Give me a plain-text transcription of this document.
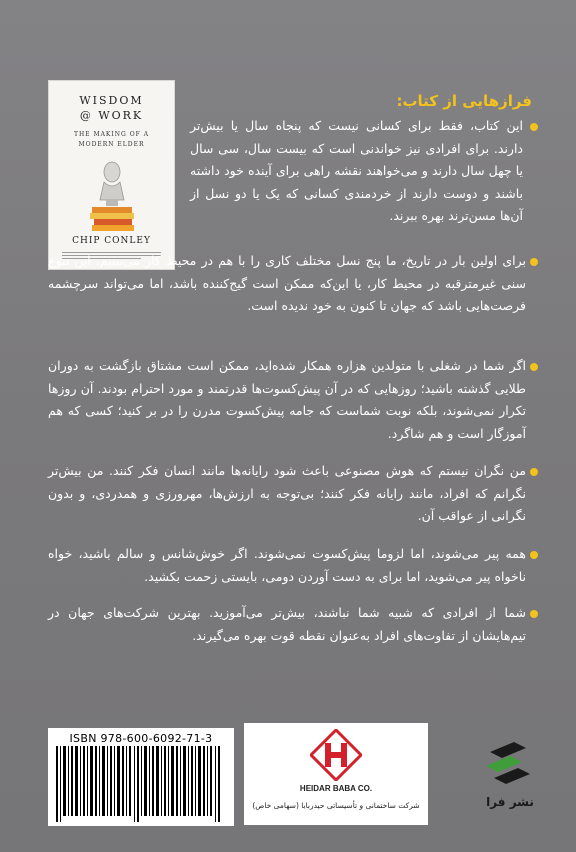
WISDOM
@ WORK
THE MAKING OF A
MODERN ELDER
CHIP CONLEY
فرازهایی از کتاب:

این کتاب، فقط برای کسانی نیست که پنجاه سال یا بیش‌تر دارند. برای افرادی نیز خواندنی است که بیست سال، سی سال یا چهل سال دارند و می‌خواهند نقشه راهی برای آینده خود داشته باشند و دوست دارند از خردمندی کسانی که یک یا دو نسل از آن‌ها مسن‌ترند بهره ببرند.

برای اولین بار در تاریخ، ما پنج نسل مختلف کاری را با هم در محیط کار می‌بینیم. این تنوع سنی غیرمترقبه در محیط کار، یا این‌که ممکن است گیج‌کننده باشد، اما می‌تواند سرچشمه فرصت‌هایی باشد که جهان تا کنون به خود ندیده است.

اگر شما در شغلی با متولدین هزاره همکار شده‌اید، ممکن است مشتاق بازگشت به دوران طلایی گذشته باشید؛ روزهایی که در آن پیش‌کسوت‌ها قدرتمند و مورد احترام بودند. آن روزها تکرار نمی‌شوند، بلکه نوبت شماست که جامه پیش‌کسوت مدرن را در بر کنید؛ کسی که هم آموزگار است و هم شاگرد.

من نگران نیستم که هوش مصنوعی باعث شود رایانه‌ها مانند انسان فکر کنند. من بیش‌تر نگرانم که افراد، مانند رایانه فکر کنند؛ بی‌توجه به ارزش‌ها، مهرورزی و همدردی، و بدون نگرانی از عواقب آن.

همه پیر می‌شوند، اما لزوما پیش‌کسوت نمی‌شوند. اگر خوش‌شانس و سالم باشید، خواه ناخواه پیر می‌شوید، اما برای به دست آوردن دومی، بایستی زحمت بکشید.

شما از افرادی که شبیه شما نباشند، بیش‌تر می‌آموزید. بهترین شرکت‌های جهان در تیم‌هایشان از تفاوت‌های افراد به‌عنوان نقطه قوت بهره می‌گیرند.

ISBN 978-600-6092-71-3
HEIDAR BABA CO.
شرکت ساختمانی و تأسیساتی حیدربابا (سهامی خاص)	نشر فرا
